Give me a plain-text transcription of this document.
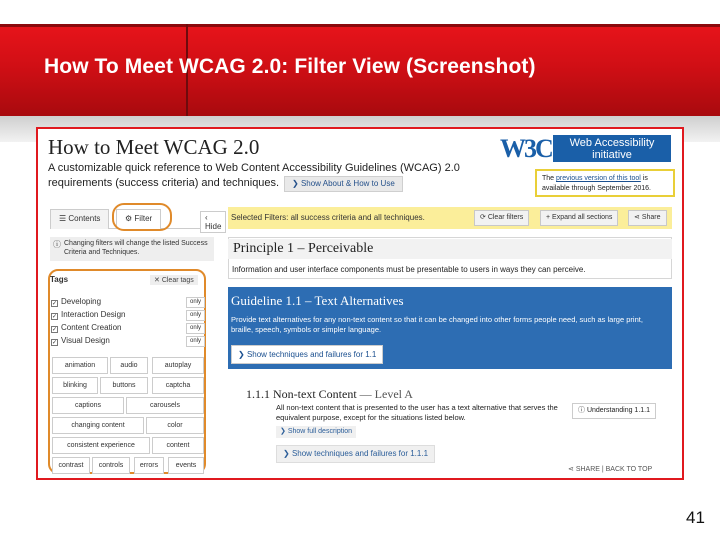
How To Meet WCAG 2.0: Filter View (Screenshot)
How to Meet WCAG 2.0
A customizable quick reference to Web Content Accessibility Guidelines (WCAG) 2.0
requirements (success criteria) and techniques.	❯ Show About & How to Use
W3C	Web Accessibility
initiative
The previous version of this tool is available through September 2016.
☰ Contents	⚙ Filter	‹ Hide
ⓘ Changing filters will change the listed Success Criteria and Techniques.
Tags	✕ Clear tags
✓ Developing	only
✓ Interaction Design	only
✓ Content Creation	only
✓ Visual Design	only
animation	audio	autoplay
blinking	buttons	captcha
captions	carousels
changing content	color
consistent experience	content
contrast	controls	errors	events
Selected Filters: all success criteria and all techniques.	⟳ Clear filters	+ Expand all sections	⋖ Share
Principle 1 – Perceivable
Information and user interface components must be presentable to users in ways they can perceive.
Guideline 1.1 – Text Alternatives
Provide text alternatives for any non-text content so that it can be changed into other forms people need, such as large print, braille, speech, symbols or simpler language.
❯ Show techniques and failures for 1.1
1.1.1 Non-text Content — Level A
All non-text content that is presented to the user has a text alternative that serves the equivalent purpose, except for the situations listed below.
❯ Show full description
❯ Show techniques and failures for 1.1.1
ⓘ Understanding 1.1.1
⋖ SHARE | BACK TO TOP
41
